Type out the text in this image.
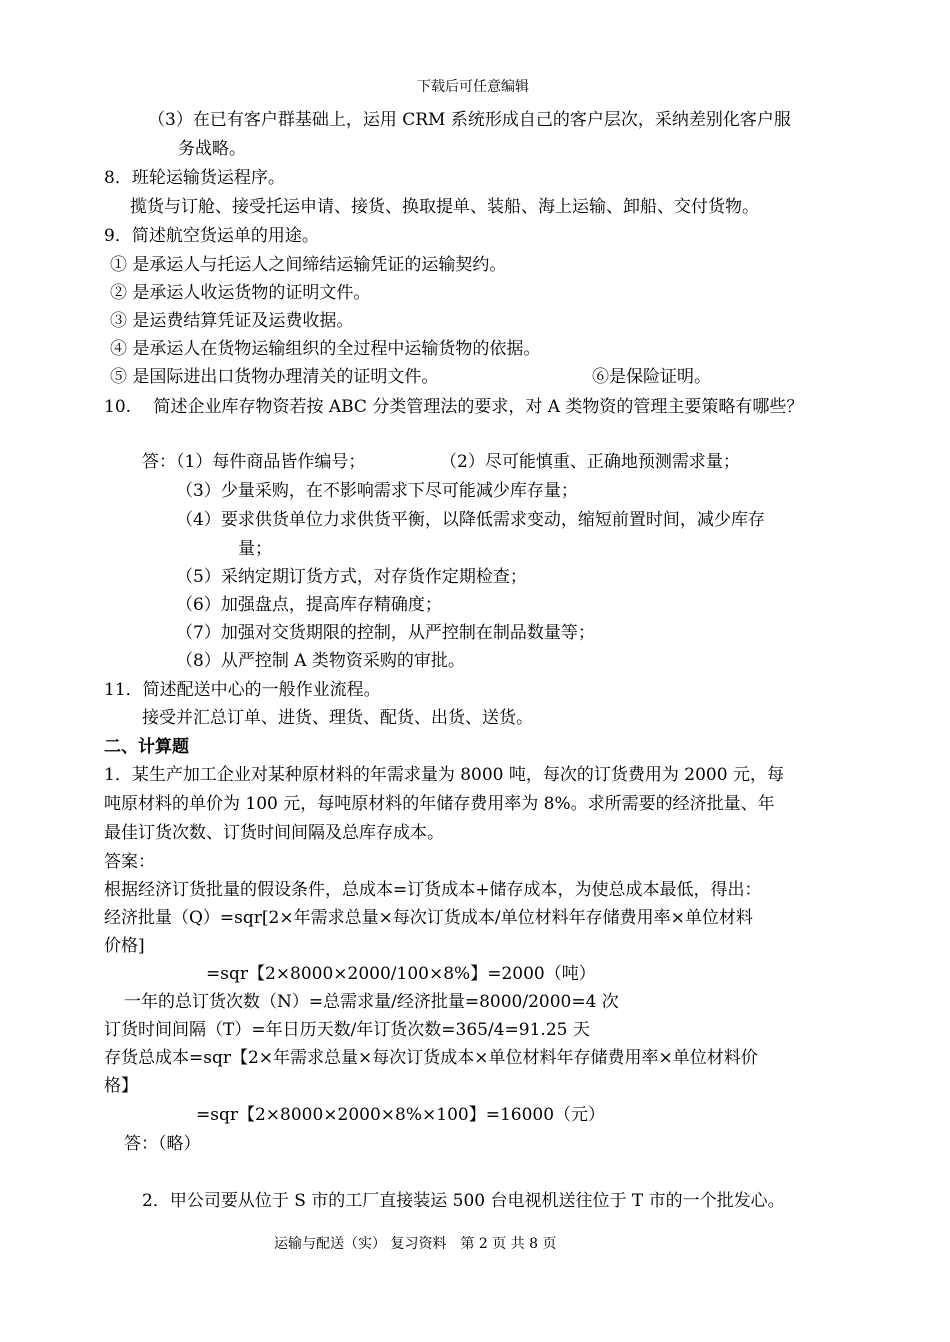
下载后可任意编辑
（3）在已有客户群基础上，运用 CRM 系统形成自己的客户层次，采纳差别化客户服
务战略。
8．班轮运输货运程序。
揽货与订舱、接受托运申请、接货、换取提单、装船、海上运输、卸船、交付货物。
9．简述航空货运单的用途。
① 是承运人与托运人之间缔结运输凭证的运输契约。
② 是承运人收运货物的证明文件。
③ 是运费结算凭证及运费收据。
④ 是承运人在货物运输组织的全过程中运输货物的依据。
⑤ 是国际进出口货物办理清关的证明文件。	⑥是保险证明。
10.　 简述企业库存物资若按 ABC 分类管理法的要求，对 A 类物资的管理主要策略有哪些？
答：（1）每件商品皆作编号；	（2）尽可能慎重、正确地预测需求量；
（3）少量采购，在不影响需求下尽可能减少库存量；
（4）要求供货单位力求供货平衡，以降低需求变动，缩短前置时间，减少库存
量；
（5）采纳定期订货方式，对存货作定期检查；
（6）加强盘点，提高库存精确度；
（7）加强对交货期限的控制，从严控制在制品数量等；
（8）从严控制 A 类物资采购的审批。
11．简述配送中心的一般作业流程。
接受并汇总订单、进货、理货、配货、出货、送货。
二、计算题
1．某生产加工企业对某种原材料的年需求量为 8000 吨，每次的订货费用为 2000 元，每
吨原材料的单价为 100 元，每吨原材料的年储存费用率为 8%。求所需要的经济批量、年
最佳订货次数、订货时间间隔及总库存成本。
答案：
根据经济订货批量的假设条件，总成本=订货成本+储存成本，为使总成本最低，得出：
经济批量（Q）=sqr[2×年需求总量×每次订货成本/单位材料年存储费用率×单位材料
价格]
=sqr【2×8000×2000/100×8%】=2000（吨）
一年的总订货次数（N）=总需求量/经济批量=8000/2000=4 次
订货时间间隔（T）=年日历天数/年订货次数=365/4=91.25 天
存货总成本=sqr【2×年需求总量×每次订货成本×单位材料年存储费用率×单位材料价
格】
=sqr【2×8000×2000×8%×100】=16000（元）
答：（略）
2．甲公司要从位于 S 市的工厂直接装运 500 台电视机送往位于 T 市的一个批发心。
运输与配送（实） 复习资料　第 2 页 共 8 页
